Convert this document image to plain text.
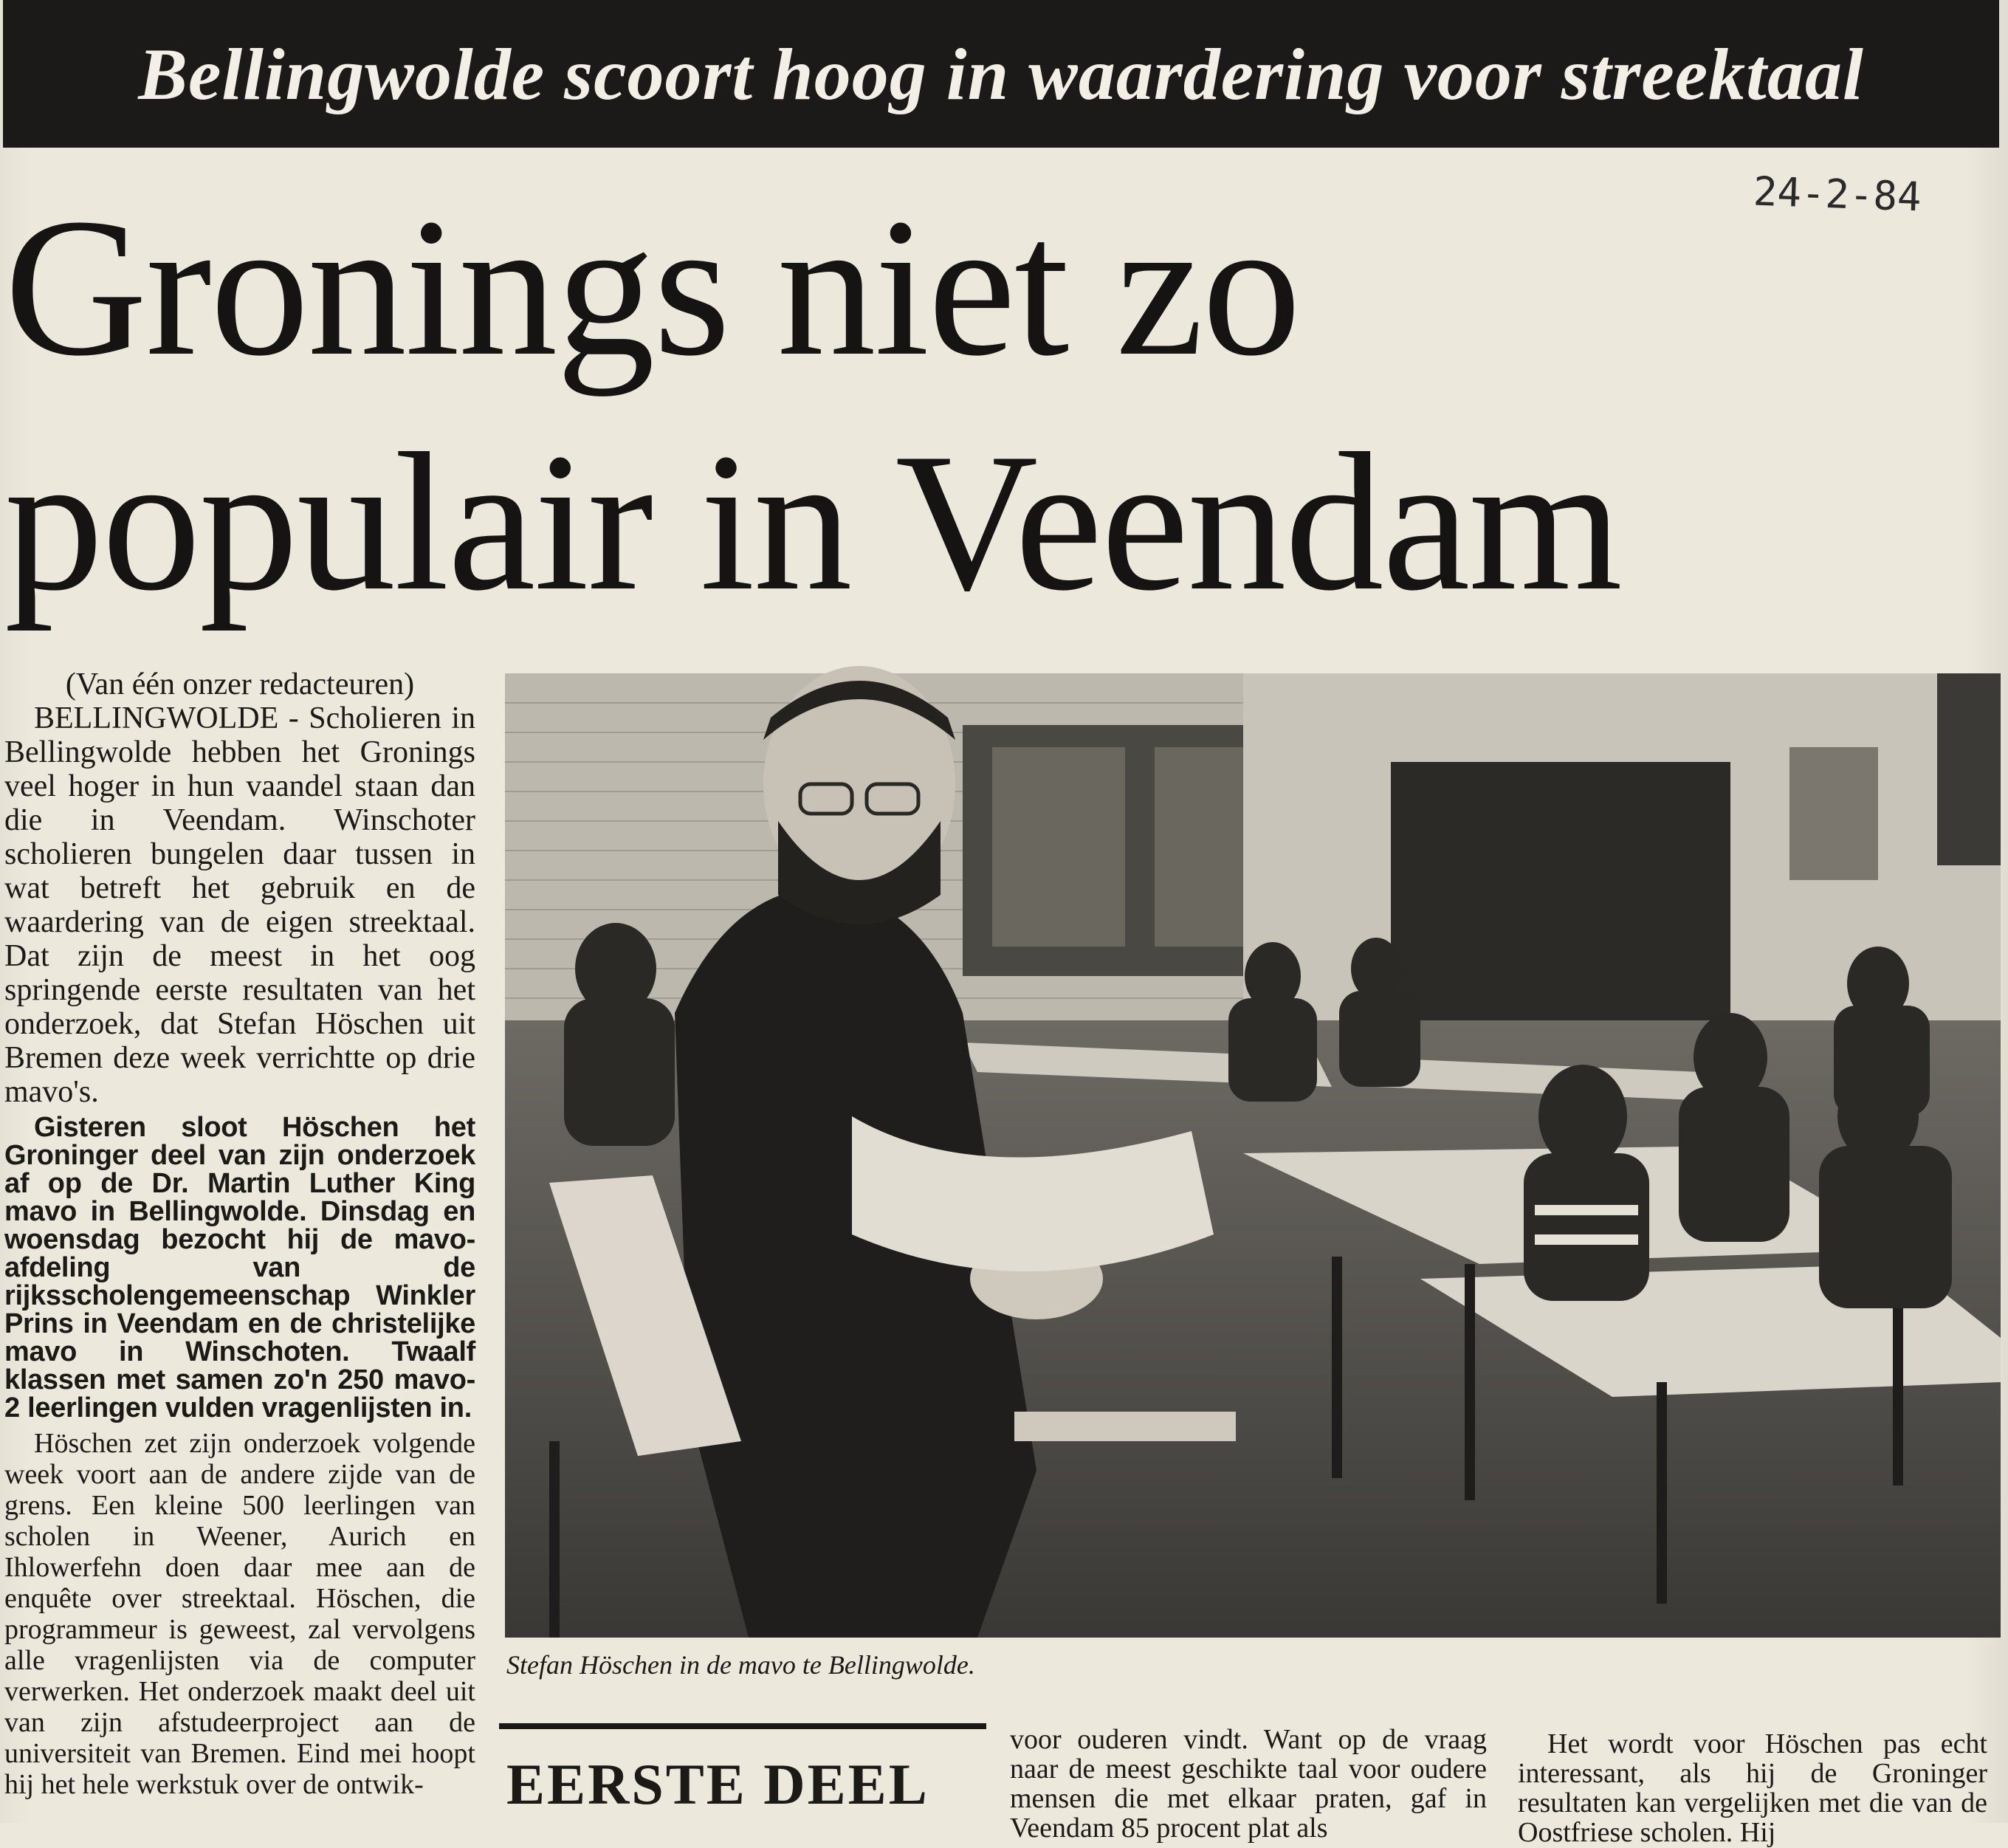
Bellingwolde scoort hoog in waardering voor streektaal
24-2-84
Gronings niet zo
populair in Veendam

(Van één onzer redacteuren)

BELLINGWOLDE - Scholieren in Bellingwolde hebben het Gronings veel hoger in hun vaandel staan dan die in Veendam. Winschoter scholieren bungelen daar tussen in wat betreft het gebruik en de waardering van de eigen streektaal. Dat zijn de meest in het oog springende eerste resultaten van het onderzoek, dat Stefan Höschen uit Bremen deze week verrichtte op drie mavo's.

Gisteren sloot Höschen het Groninger deel van zijn onderzoek af op de Dr. Martin Luther King mavo in Bellingwolde. Dinsdag en woensdag bezocht hij de mavo-afdeling van de rijksscholengemeenschap Winkler Prins in Veendam en de christelijke mavo in Winschoten. Twaalf klassen met samen zo'n 250 mavo-2 leerlingen vulden vragenlijsten in.

Höschen zet zijn onderzoek volgende week voort aan de andere zijde van de grens. Een kleine 500 leerlingen van scholen in Weener, Aurich en Ihlowerfehn doen daar mee aan de enquête over streektaal. Höschen, die programmeur is geweest, zal vervolgens alle vragenlijsten via de computer verwerken. Het onderzoek maakt deel uit van zijn afstudeerproject aan de universiteit van Bremen. Eind mei hoopt hij het hele werkstuk over de ontwik-

Stefan Höschen in de mavo te Bellingwolde.
EERSTE DEEL

voor ouderen vindt. Want op de vraag naar de meest geschikte taal voor oudere mensen die met elkaar praten, gaf in Veendam 85 procent plat als

Het wordt voor Höschen pas echt interessant, als hij de Groninger resultaten kan vergelijken met die van de Oostfriese scholen. Hij
